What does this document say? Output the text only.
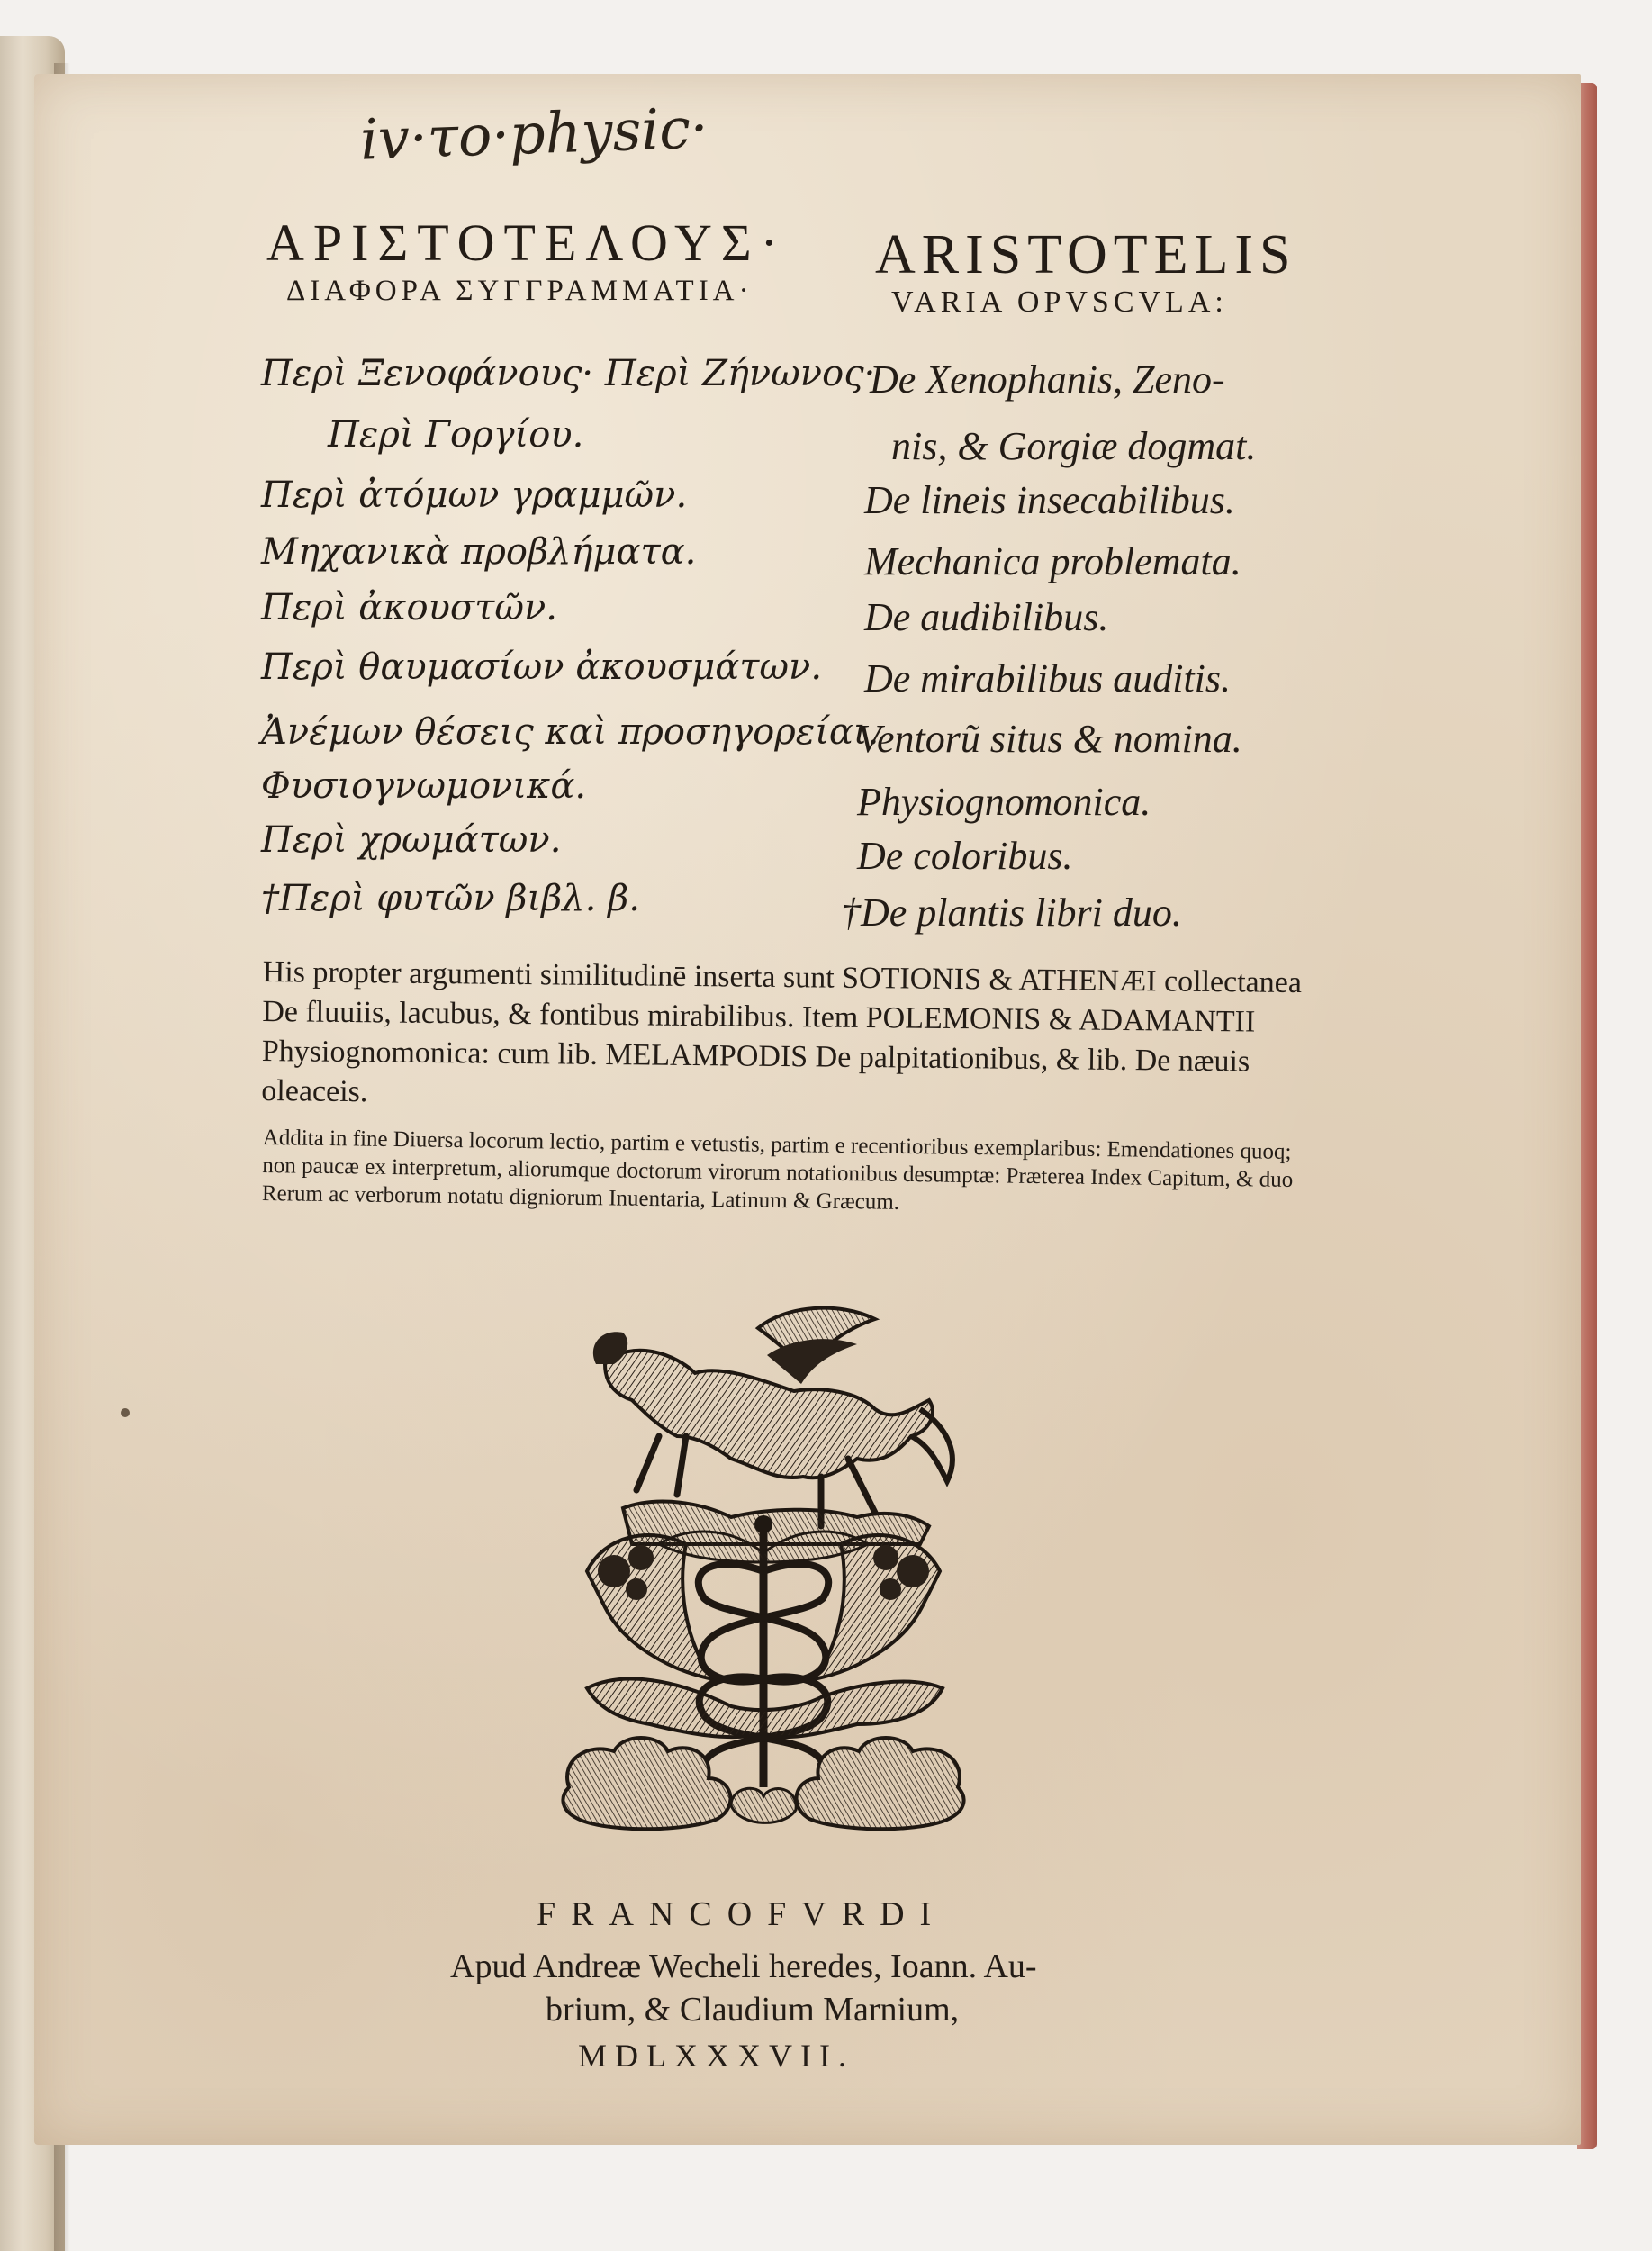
iv·το·physic·
ΑΡΙΣΤΟΤΕΛΟΥΣ·
ΔΙΑΦΟΡΑ ΣΥΓΓΡΑΜΜΑΤΙΑ·
ARISTOTELIS
VARIA OPVSCVLA:
Περὶ Ξενοφάνους· Περὶ Ζήνωνος·
Περὶ Γοργίου.
Περὶ ἀτόμων γραμμῶν.
Μηχανικὰ προβλήματα.
Περὶ ἀκουστῶν.
Περὶ θαυμασίων ἀκουσμάτων.
Ἀνέμων θέσεις καὶ προσηγορείαι.
Φυσιογνωμονικά.
Περὶ χρωμάτων.
†Περὶ φυτῶν βιβλ. β.
De Xenophanis, Zeno-
nis, & Gorgiæ dogmat.
De lineis insecabilibus.
Mechanica problemata.
De audibilibus.
De mirabilibus auditis.
Ventorũ situs & nomina.
Physiognomonica.
De coloribus.
†De plantis libri duo.
His propter argumenti similitudinē inserta sunt SOTIONIS & ATHENÆI collectanea De fluuiis, lacubus, & fontibus mirabilibus. Item POLEMONIS & ADAMANTII Physiognomonica: cum lib. MELAMPODIS De palpitationibus, & lib. De næuis oleaceis.
Addita in fine Diuersa locorum lectio, partim e vetustis, partim e recentioribus exemplaribus: Emendationes quoq; non paucæ ex interpretum, aliorumque doctorum virorum notationibus desumptæ: Præterea Index Capitum, & duo Rerum ac verborum notatu digniorum Inuentaria, Latinum & Græcum.
FRANCOFVRDI
Apud Andreæ Wecheli heredes, Ioann. Au-
brium, & Claudium Marnium,
MDLXXXVII.
